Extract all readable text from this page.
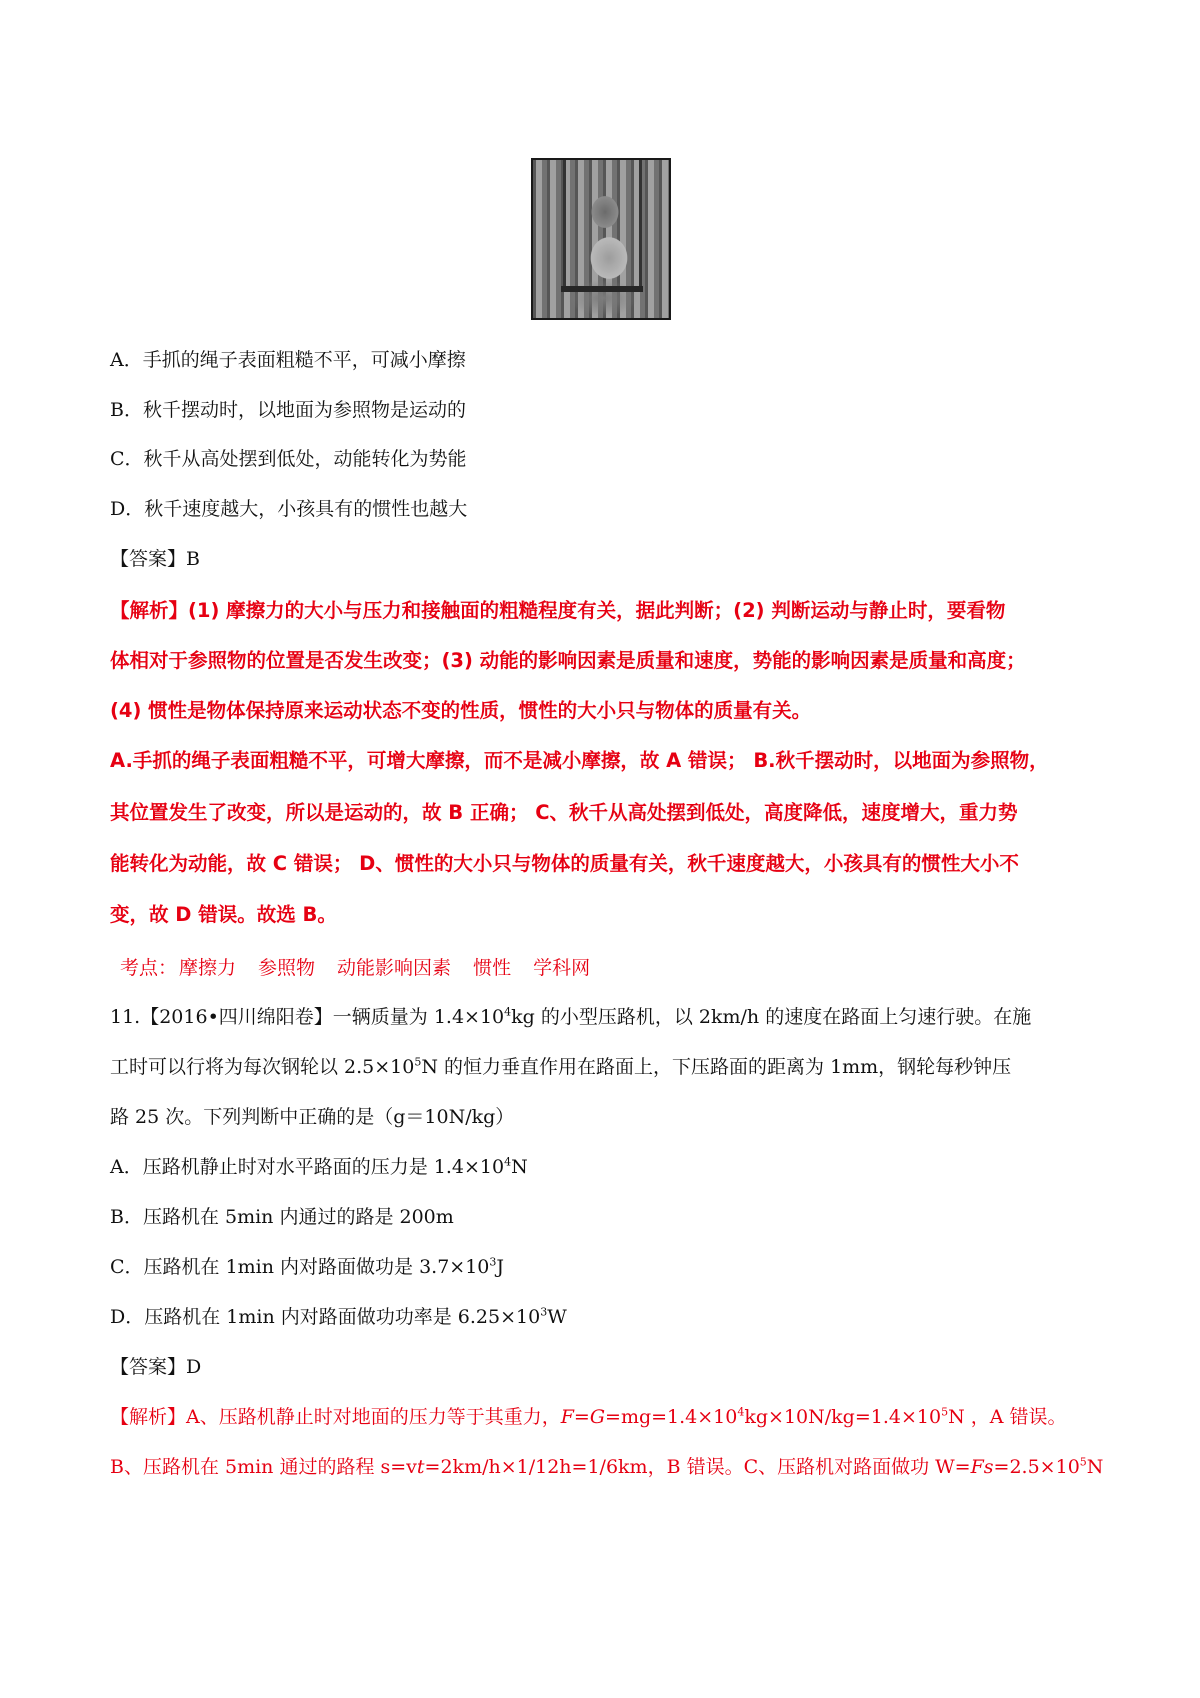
A．手抓的绳子表面粗糙不平，可减小摩擦
B．秋千摆动时，以地面为参照物是运动的
C．秋千从高处摆到低处，动能转化为势能
D．秋千速度越大，小孩具有的惯性也越大
【答案】B
【解析】(1) 摩擦力的大小与压力和接触面的粗糙程度有关，据此判断；(2) 判断运动与静止时，要看物
体相对于参照物的位置是否发生改变；(3) 动能的影响因素是质量和速度，势能的影响因素是质量和高度；
(4) 惯性是物体保持原来运动状态不变的性质，惯性的大小只与物体的质量有关。
A.手抓的绳子表面粗糙不平，可增大摩擦，而不是减小摩擦，故 A 错误； B.秋千摆动时，以地面为参照物，
其位置发生了改变，所以是运动的，故 B 正确； C、秋千从高处摆到低处，高度降低，速度增大，重力势
能转化为动能，故 C 错误； D、惯性的大小只与物体的质量有关，秋千速度越大，小孩具有的惯性大小不
变，故 D 错误。故选 B。
考点： 摩擦力 参照物 动能影响因素 惯性 学科网
11.【2016•四川绵阳卷】一辆质量为 $1.4\times 10^4kg$ 的小型压路机，以 2km/h 的速度在路面上匀速行驶。在施
工时可以行将为每次钢轮以 $2.5\times 10^5N$ 的恒力垂直作用在路面上，下压路面的距离为 1mm，钢轮每秒钟压
路 25 次。下列判断中正确的是（g＝10N/kg）
A．压路机静止时对水平路面的压力是 $1.4\times 10^4N$
B．压路机在 5min 内通过的路是 200m
C．压路机在 1min 内对路面做功是 $3.7\times 10^3J$
D．压路机在 1min 内对路面做功功率是 $6.25\times 10^3W$
【答案】D
【解析】A、压路机静止时对地面的压力等于其重力，$F=G=mg=1.4\times 10^4kg\times 10N/kg=1.4\times 10^5N$ ，A 错误。
B、压路机在 5min 通过的路程 s=vt=2km/h×1/12h=1/6km，B 错误。C、压路机对路面做功 $W=Fs=2.5\times 10^5N$
